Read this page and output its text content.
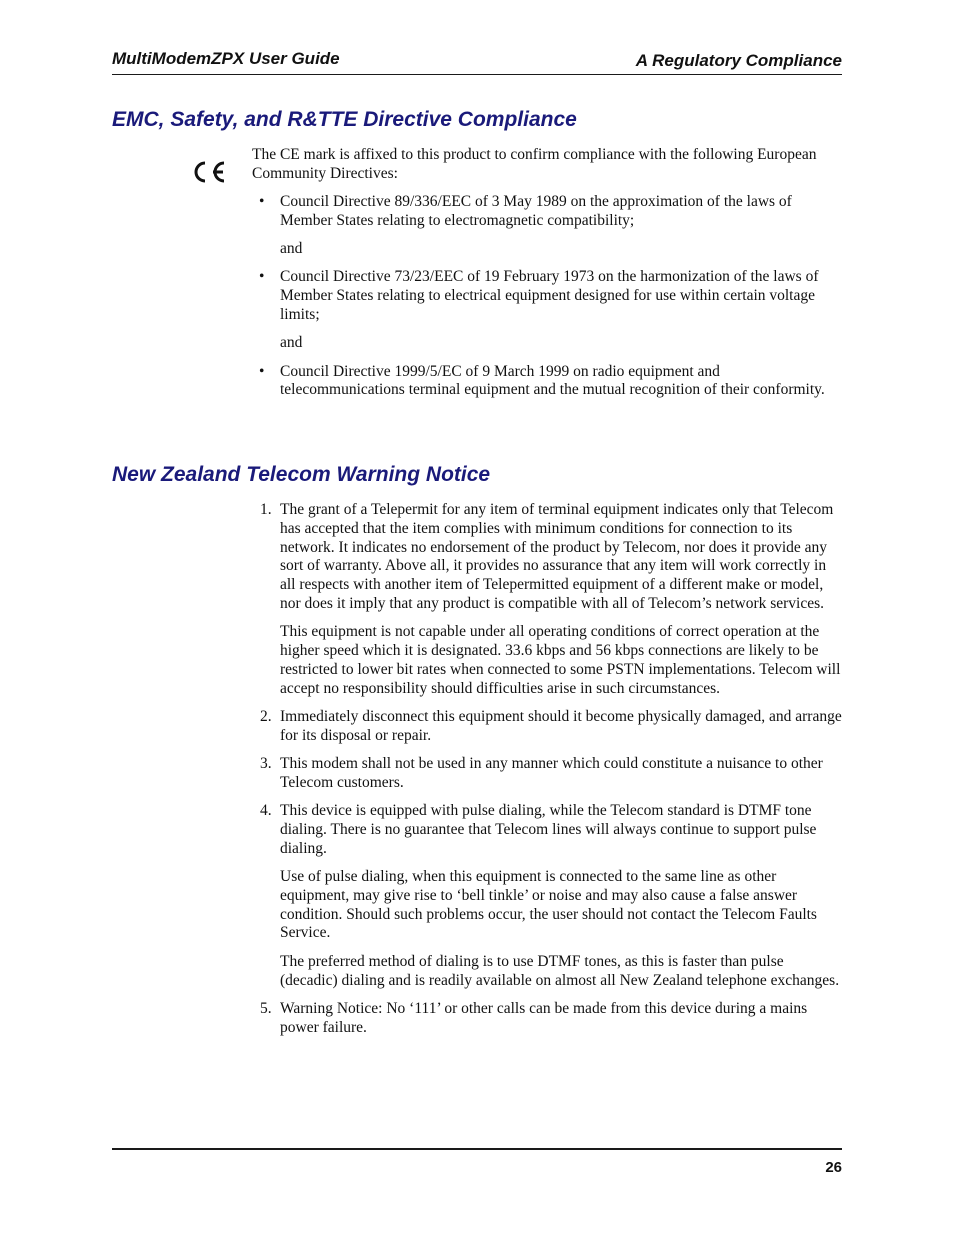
MultiModemZPX User Guide	A Regulatory Compliance
EMC, Safety, and R&TTE Directive Compliance

The CE mark is affixed to this product to confirm compliance with the following European Community Directives:

• Council Directive 89/336/EEC of 3 May 1989 on the approximation of the laws of Member States relating to electromagnetic compatibility;
and
• Council Directive 73/23/EEC of 19 February 1973 on the harmonization of the laws of Member States relating to electrical equipment designed for use within certain voltage limits;
and
• Council Directive 1999/5/EC of 9 March 1999 on radio equipment and telecommunications terminal equipment and the mutual recognition of their conformity.
New Zealand Telecom Warning Notice
1. The grant of a Telepermit for any item of terminal equipment indicates only that Telecom has accepted that the item complies with minimum conditions for connection to its network. It indicates no endorsement of the product by Telecom, nor does it provide any sort of warranty. Above all, it provides no assurance that any item will work correctly in all respects with another item of Telepermitted equipment of a different make or model, nor does it imply that any product is compatible with all of Telecom’s network services.
This equipment is not capable under all operating conditions of correct operation at the higher speed which it is designated. 33.6 kbps and 56 kbps connections are likely to be restricted to lower bit rates when connected to some PSTN implementations. Telecom will accept no responsibility should difficulties arise in such circumstances.
2. Immediately disconnect this equipment should it become physically damaged, and arrange for its disposal or repair.
3. This modem shall not be used in any manner which could constitute a nuisance to other Telecom customers.
4. This device is equipped with pulse dialing, while the Telecom standard is DTMF tone dialing. There is no guarantee that Telecom lines will always continue to support pulse dialing.
Use of pulse dialing, when this equipment is connected to the same line as other equipment, may give rise to ‘bell tinkle’ or noise and may also cause a false answer condition. Should such problems occur, the user should not contact the Telecom Faults Service.
The preferred method of dialing is to use DTMF tones, as this is faster than pulse (decadic) dialing and is readily available on almost all New Zealand telephone exchanges.
5. Warning Notice: No ‘111’ or other calls can be made from this device during a mains power failure.
26
